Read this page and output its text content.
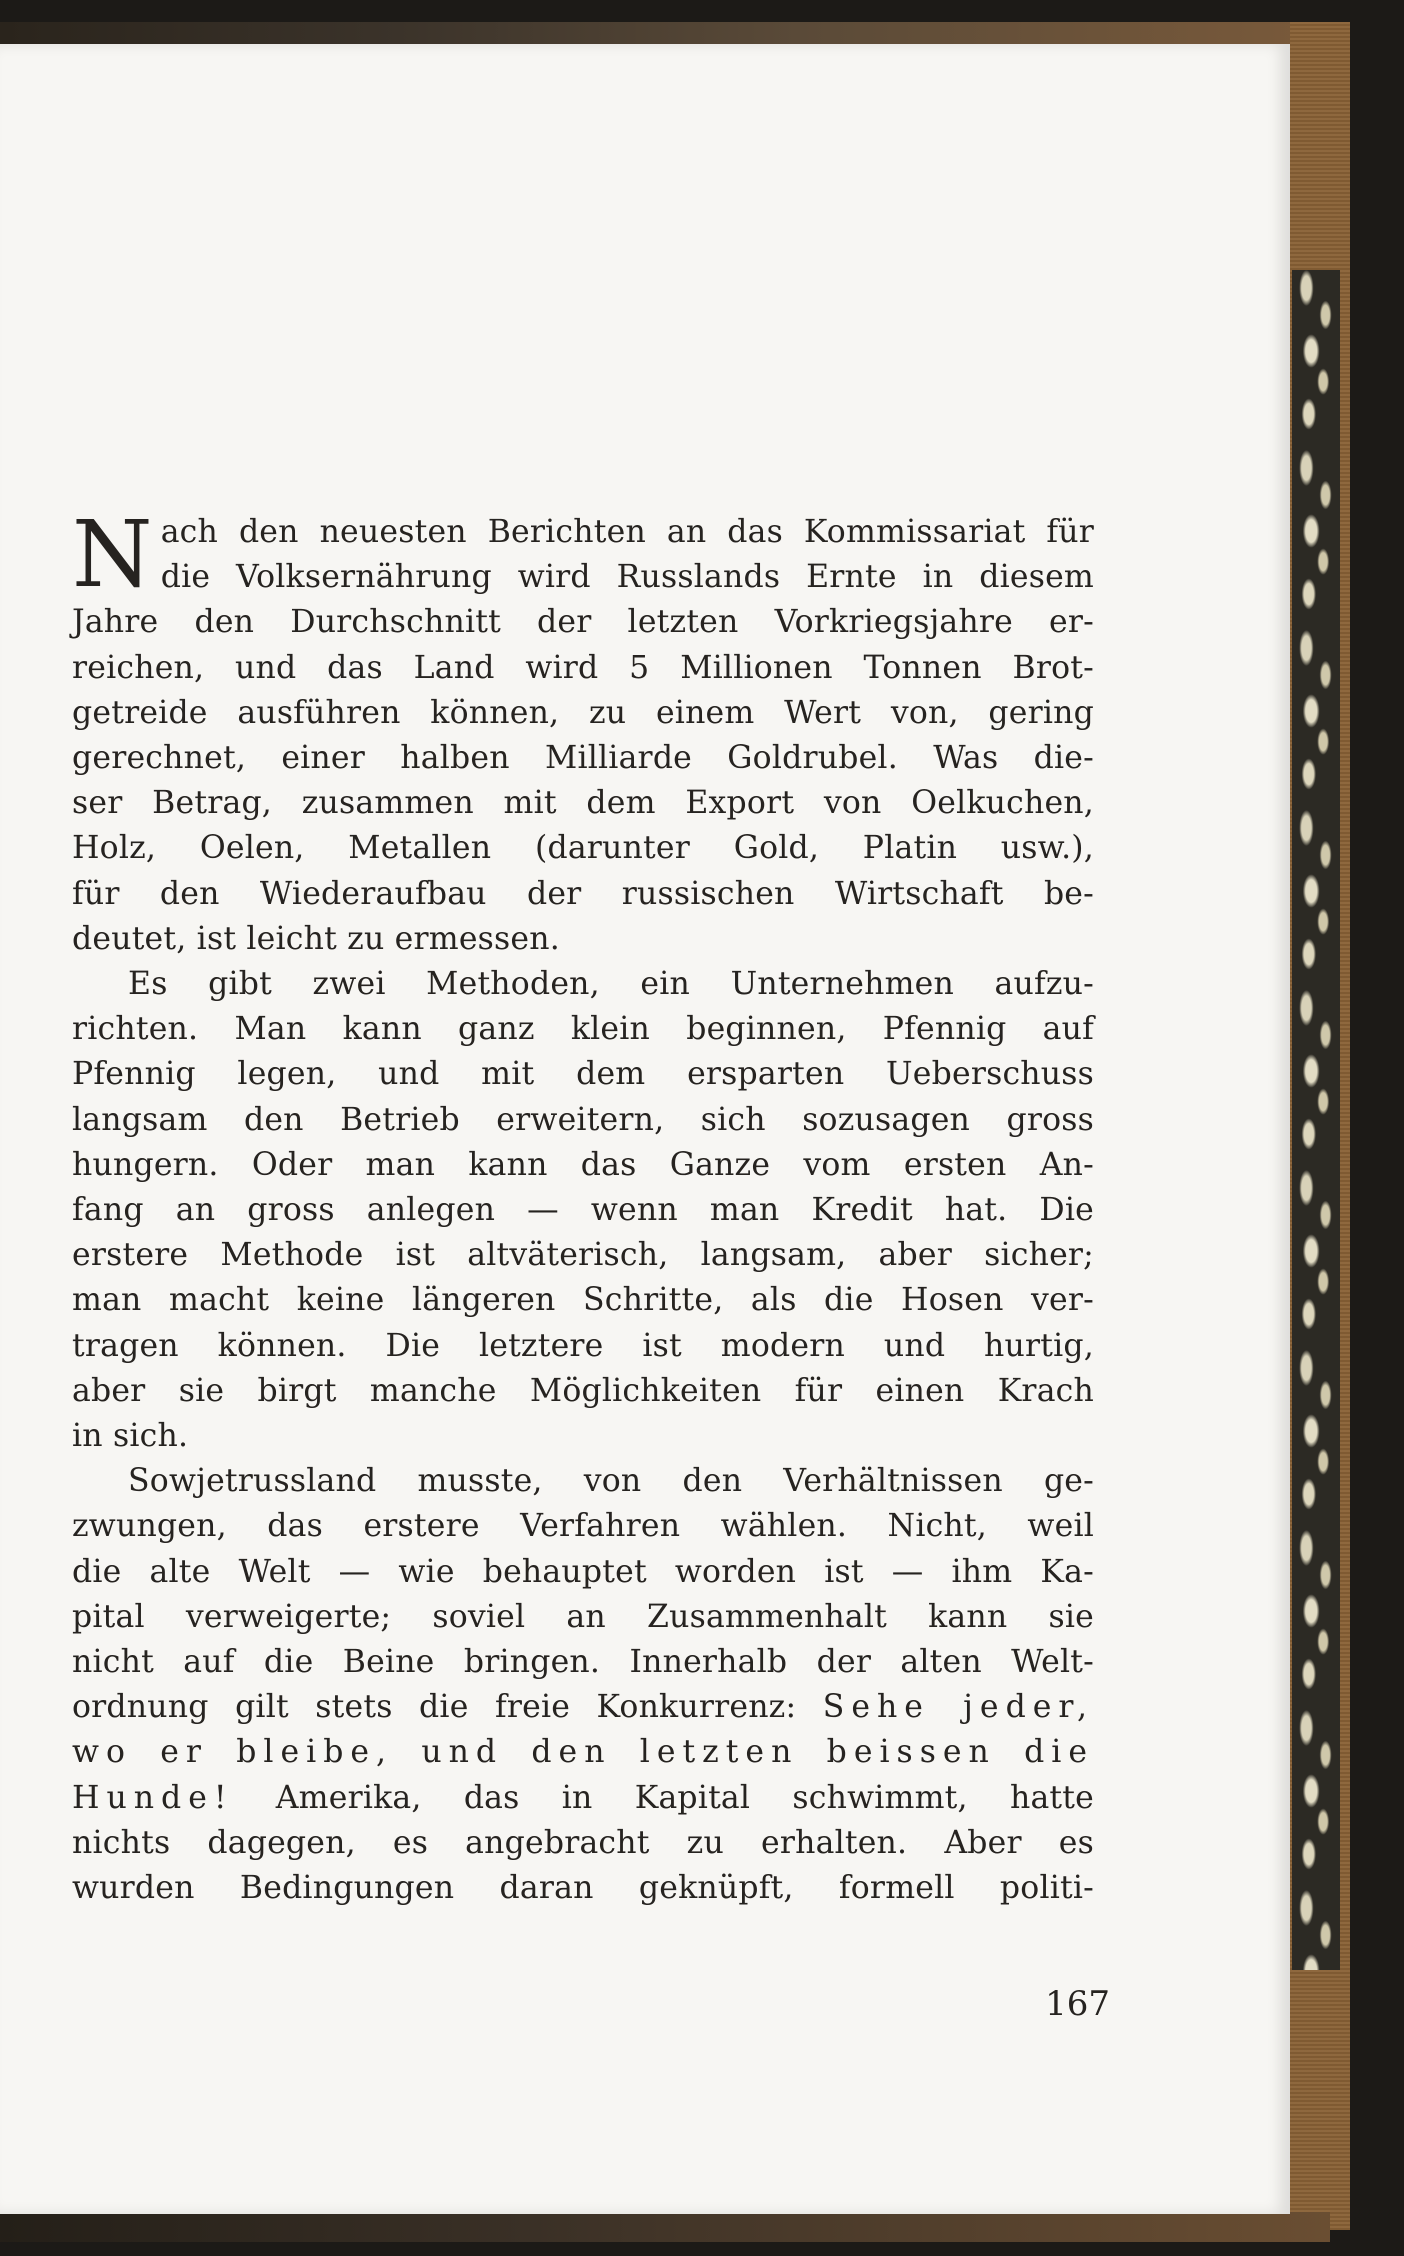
N ach den neuesten Berichten an das Kommissariat für
die Volksernährung wird Russlands Ernte in diesem
Jahre den Durchschnitt der letzten Vorkriegsjahre er-
reichen, und das Land wird 5 Millionen Tonnen Brot-
getreide ausführen können, zu einem Wert von, gering
gerechnet, einer halben Milliarde Goldrubel. Was die-
ser Betrag, zusammen mit dem Export von Oelkuchen,
Holz, Oelen, Metallen (darunter Gold, Platin usw.),
für den Wiederaufbau der russischen Wirtschaft be-
deutet, ist leicht zu ermessen.
Es gibt zwei Methoden, ein Unternehmen aufzu-
richten. Man kann ganz klein beginnen, Pfennig auf
Pfennig legen, und mit dem ersparten Ueberschuss
langsam den Betrieb erweitern, sich sozusagen gross
hungern. Oder man kann das Ganze vom ersten An-
fang an gross anlegen — wenn man Kredit hat. Die
erstere Methode ist altväterisch, langsam, aber sicher;
man macht keine längeren Schritte, als die Hosen ver-
tragen können. Die letztere ist modern und hurtig,
aber sie birgt manche Möglichkeiten für einen Krach
in sich.
Sowjetrussland musste, von den Verhältnissen ge-
zwungen, das erstere Verfahren wählen. Nicht, weil
die alte Welt — wie behauptet worden ist — ihm Ka-
pital verweigerte; soviel an Zusammenhalt kann sie
nicht auf die Beine bringen. Innerhalb der alten Welt-
ordnung gilt stets die freie Konkurrenz: Sehe jeder,
wo er bleibe, und den letzten beissen die
Hunde! Amerika, das in Kapital schwimmt, hatte
nichts dagegen, es angebracht zu erhalten. Aber es
wurden Bedingungen daran geknüpft, formell politi-
167
